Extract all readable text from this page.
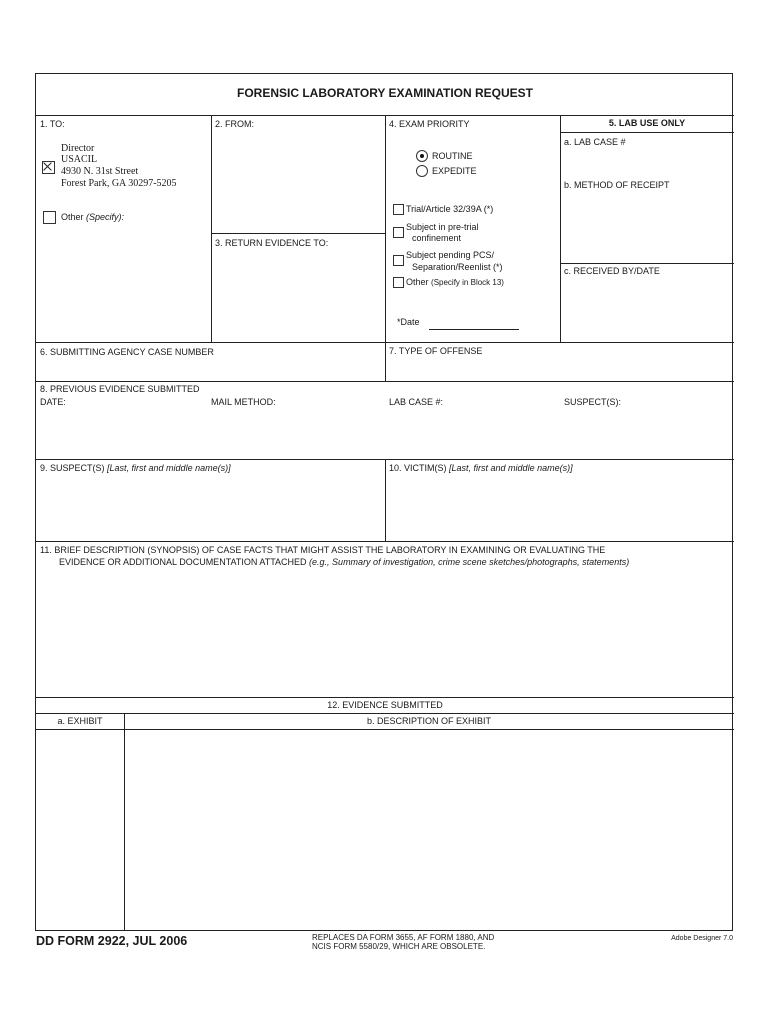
FORENSIC LABORATORY EXAMINATION REQUEST
1. TO:
Director
USACIL
4930 N. 31st Street
Forest Park, GA 30297-5205
Other (Specify):
2. FROM:
3. RETURN EVIDENCE TO:
4. EXAM PRIORITY
ROUTINE
EXPEDITE
Trial/Article 32/39A (*)
Subject in pre-trial
confinement
Subject pending PCS/
Separation/Reenlist (*)
Other (Specify in Block 13)
*Date
5. LAB USE ONLY
a. LAB CASE #
b. METHOD OF RECEIPT
c. RECEIVED BY/DATE
6. SUBMITTING AGENCY CASE NUMBER	7. TYPE OF OFFENSE
8. PREVIOUS EVIDENCE SUBMITTED
DATE:	MAIL METHOD:	LAB CASE #:	SUSPECT(S):
9. SUSPECT(S) [Last, first and middle name(s)]	10. VICTIM(S) [Last, first and middle name(s)]
11. BRIEF DESCRIPTION (SYNOPSIS) OF CASE FACTS THAT MIGHT ASSIST THE LABORATORY IN EXAMINING OR EVALUATING THE
EVIDENCE OR ADDITIONAL DOCUMENTATION ATTACHED (e.g., Summary of investigation, crime scene sketches/photographs, statements)
12. EVIDENCE SUBMITTED
a. EXHIBIT	b. DESCRIPTION OF EXHIBIT
DD FORM 2922, JUL 2006	REPLACES DA FORM 3655, AF FORM 1880, AND
NCIS FORM 5580/29, WHICH ARE OBSOLETE.
Adobe Designer 7.0
